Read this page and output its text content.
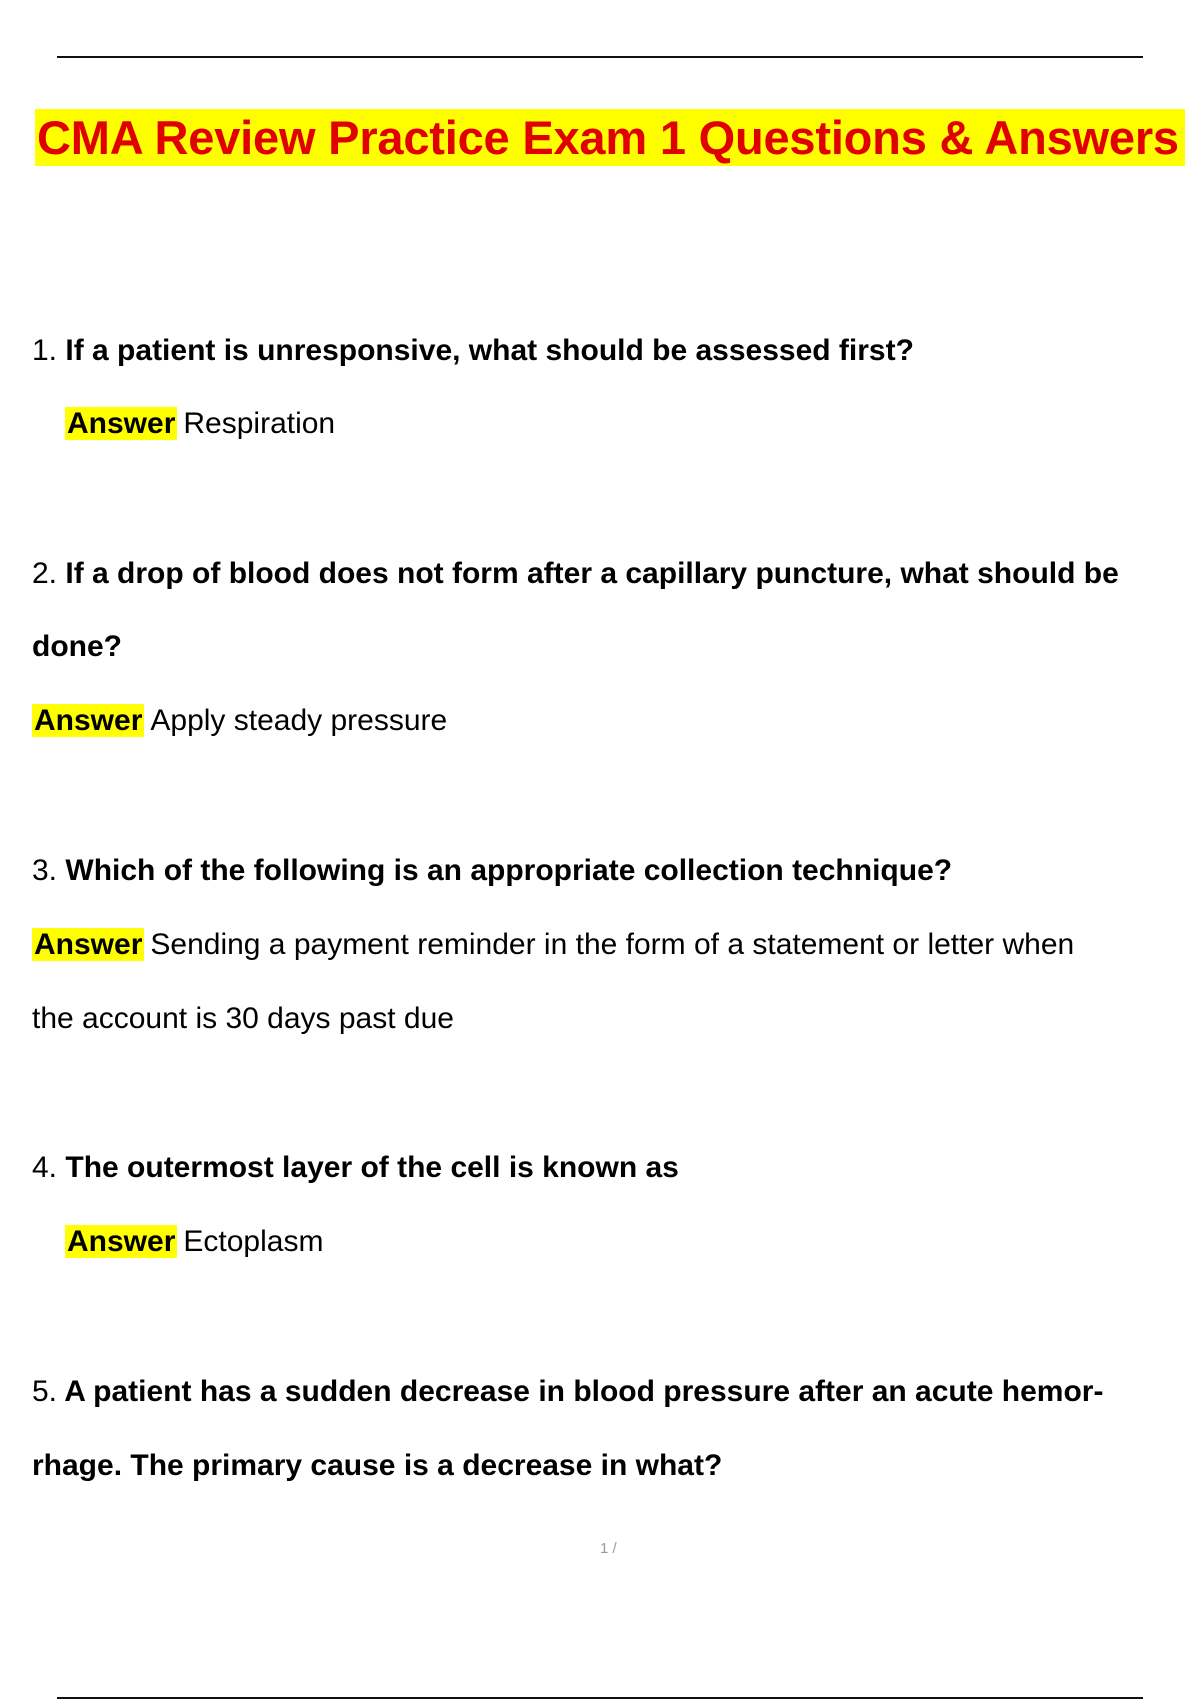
CMA Review Practice Exam 1 Questions & Answers
1. If a patient is unresponsive, what should be assessed first?
Answer Respiration
2. If a drop of blood does not form after a capillary puncture, what should be
done?
Answer Apply steady pressure
3. Which of the following is an appropriate collection technique?
Answer Sending a payment reminder in the form of a statement or letter when
the account is 30 days past due
4. The outermost layer of the cell is known as
Answer Ectoplasm
5. A patient has a sudden decrease in blood pressure after an acute hemor-
rhage. The primary cause is a decrease in what?
1 /
